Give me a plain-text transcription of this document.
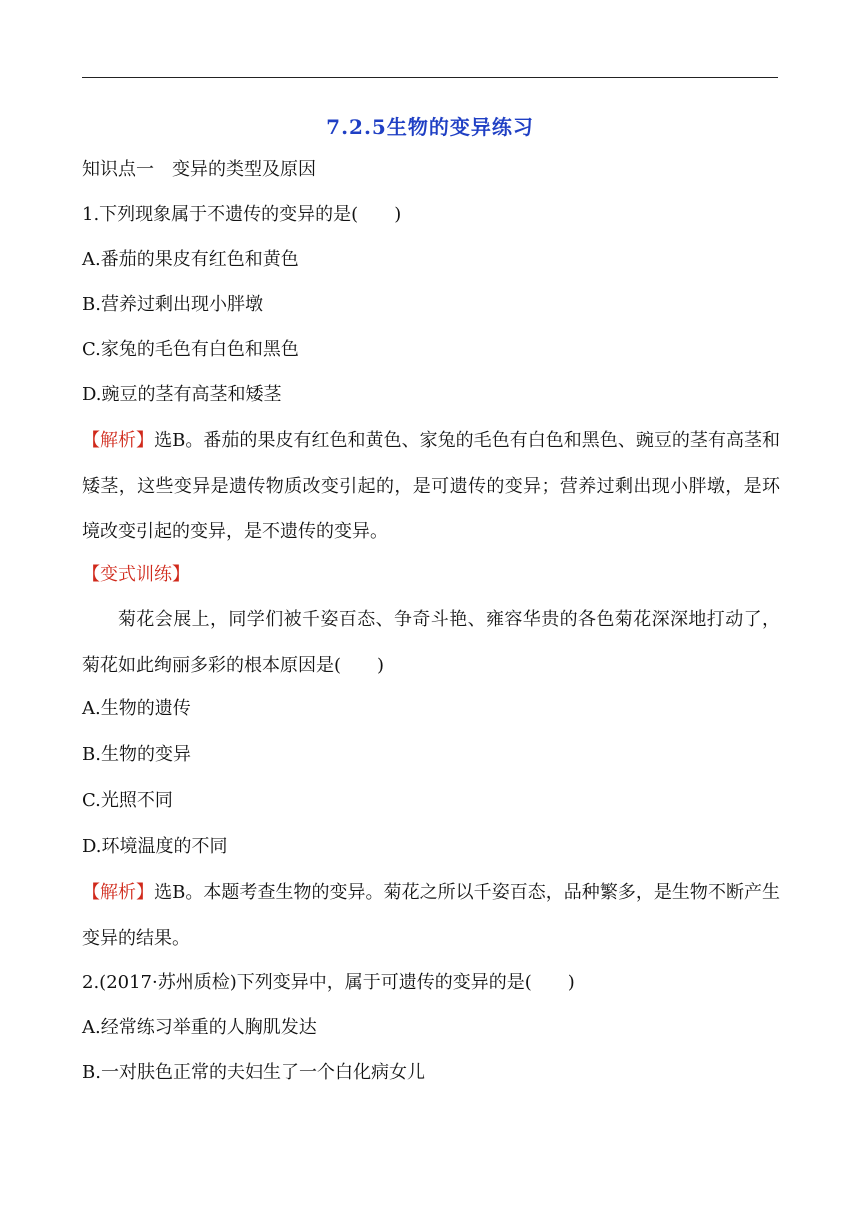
7.2.5生物的变异练习
知识点一　变异的类型及原因
1.下列现象属于不遗传的变异的是(　　)
A.番茄的果皮有红色和黄色
B.营养过剩出现小胖墩
C.家兔的毛色有白色和黑色
D.豌豆的茎有高茎和矮茎
【解析】选B。番茄的果皮有红色和黄色、家兔的毛色有白色和黑色、豌豆的茎有高茎和矮茎，这些变异是遗传物质改变引起的，是可遗传的变异；营养过剩出现小胖墩，是环境改变引起的变异，是不遗传的变异。
【变式训练】
菊花会展上，同学们被千姿百态、争奇斗艳、雍容华贵的各色菊花深深地打动了，菊花如此绚丽多彩的根本原因是(　　)
A.生物的遗传
B.生物的变异
C.光照不同
D.环境温度的不同
【解析】选B。本题考查生物的变异。菊花之所以千姿百态，品种繁多，是生物不断产生变异的结果。
2.(2017·苏州质检)下列变异中，属于可遗传的变异的是(　　)
A.经常练习举重的人胸肌发达
B.一对肤色正常的夫妇生了一个白化病女儿
